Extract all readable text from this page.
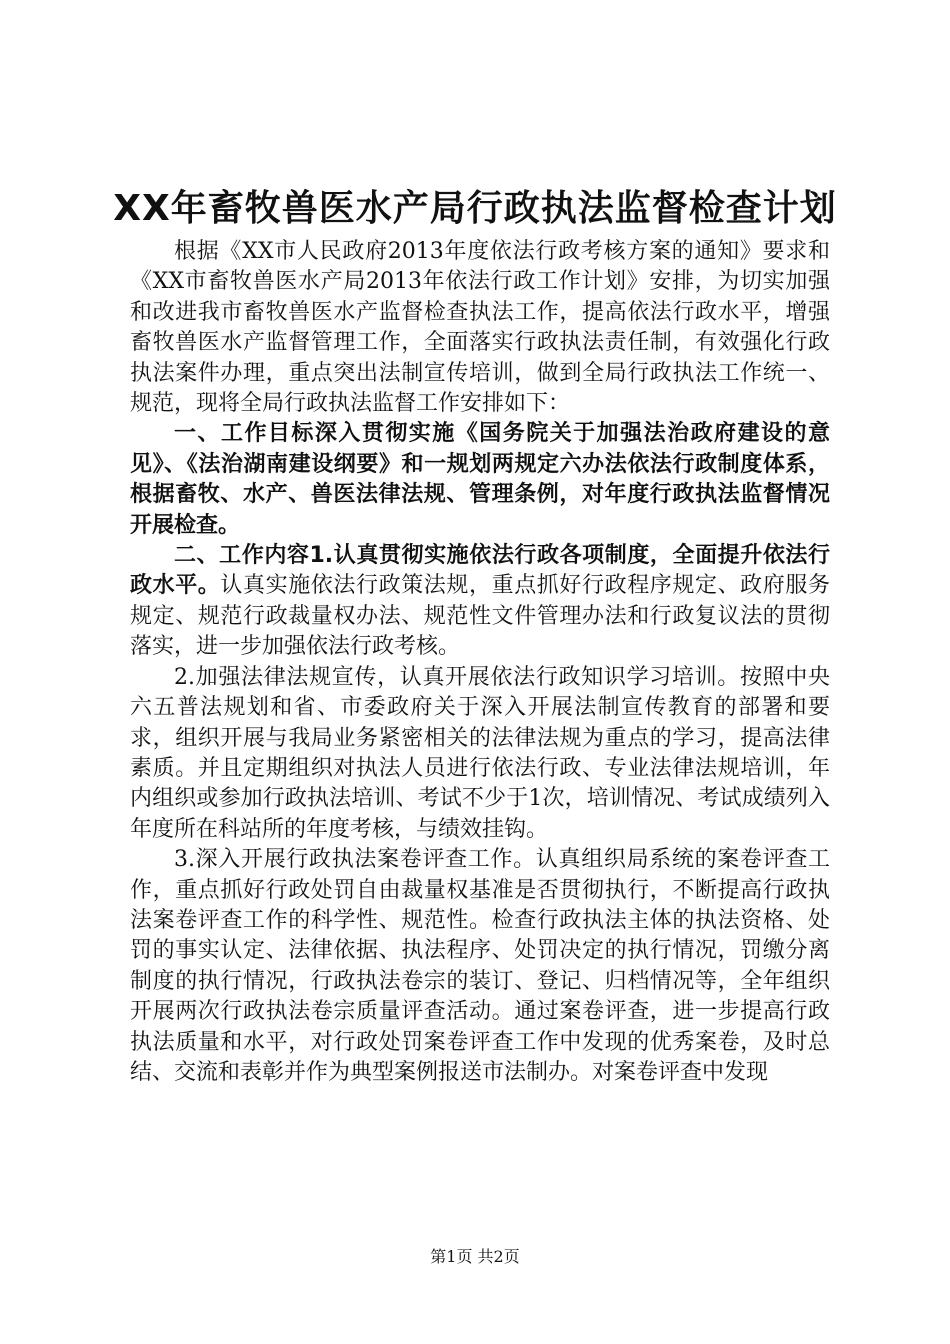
XX年畜牧兽医水产局行政执法监督检查计划

根据《XX市人民政府2013年度依法行政考核方案的通知》要求和《XX市畜牧兽医水产局2013年依法行政工作计划》安排，为切实加强和改进我市畜牧兽医水产监督检查执法工作，提高依法行政水平，增强畜牧兽医水产监督管理工作，全面落实行政执法责任制，有效强化行政执法案件办理，重点突出法制宣传培训，做到全局行政执法工作统一、规范，现将全局行政执法监督工作安排如下：

一、工作目标深入贯彻实施《国务院关于加强法治政府建设的意见》、《法治湖南建设纲要》和一规划两规定六办法依法行政制度体系，根据畜牧、水产、兽医法律法规、管理条例，对年度行政执法监督情况开展检查。

二、工作内容1.认真贯彻实施依法行政各项制度，全面提升依法行政水平。认真实施依法行政策法规，重点抓好行政程序规定、政府服务规定、规范行政裁量权办法、规范性文件管理办法和行政复议法的贯彻落实，进一步加强依法行政考核。

2.加强法律法规宣传，认真开展依法行政知识学习培训。按照中央六五普法规划和省、市委政府关于深入开展法制宣传教育的部署和要求，组织开展与我局业务紧密相关的法律法规为重点的学习，提高法律素质。并且定期组织对执法人员进行依法行政、专业法律法规培训，年内组织或参加行政执法培训、考试不少于1次，培训情况、考试成绩列入年度所在科站所的年度考核，与绩效挂钩。

3.深入开展行政执法案卷评查工作。认真组织局系统的案卷评查工作，重点抓好行政处罚自由裁量权基准是否贯彻执行，不断提高行政执法案卷评查工作的科学性、规范性。检查行政执法主体的执法资格、处罚的事实认定、法律依据、执法程序、处罚决定的执行情况，罚缴分离制度的执行情况，行政执法卷宗的装订、登记、归档情况等，全年组织开展两次行政执法卷宗质量评查活动。通过案卷评查，进一步提高行政执法质量和水平，对行政处罚案卷评查工作中发现的优秀案卷，及时总结、交流和表彰并作为典型案例报送市法制办。对案卷评查中发现

第1页 共2页
